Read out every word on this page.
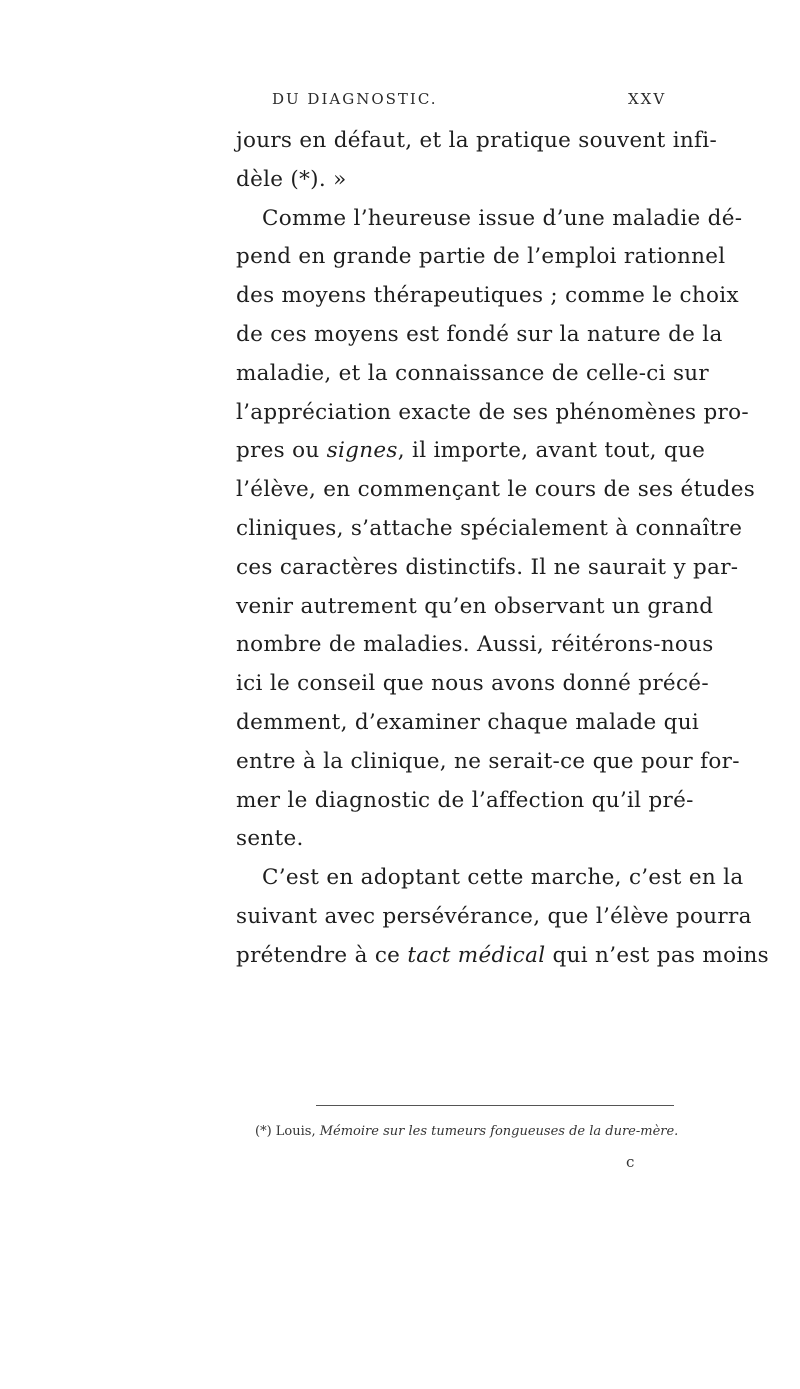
DU DIAGNOSTIC.	XXV
jours en défaut, et la pratique souvent infi-
dèle (*). »
Comme l’heureuse issue d’une maladie dé-
pend en grande partie de l’emploi rationnel
des moyens thérapeutiques ; comme le choix
de ces moyens est fondé sur la nature de la
maladie, et la connaissance de celle-ci sur
l’appréciation exacte de ses phénomènes pro-
pres ou signes, il importe, avant tout, que
l’élève, en commençant le cours de ses études
cliniques, s’attache spécialement à connaître
ces caractères distinctifs. Il ne saurait y par-
venir autrement qu’en observant un grand
nombre de maladies. Aussi, réitérons-nous
ici le conseil que nous avons donné précé-
demment, d’examiner chaque malade qui
entre à la clinique, ne serait-ce que pour for-
mer le diagnostic de l’affection qu’il pré-
sente.
C’est en adoptant cette marche, c’est en la
suivant avec persévérance, que l’élève pourra
prétendre à ce tact médical qui n’est pas moins
(*) Louis, Mémoire sur les tumeurs fongueuses de la dure-mère.
c
